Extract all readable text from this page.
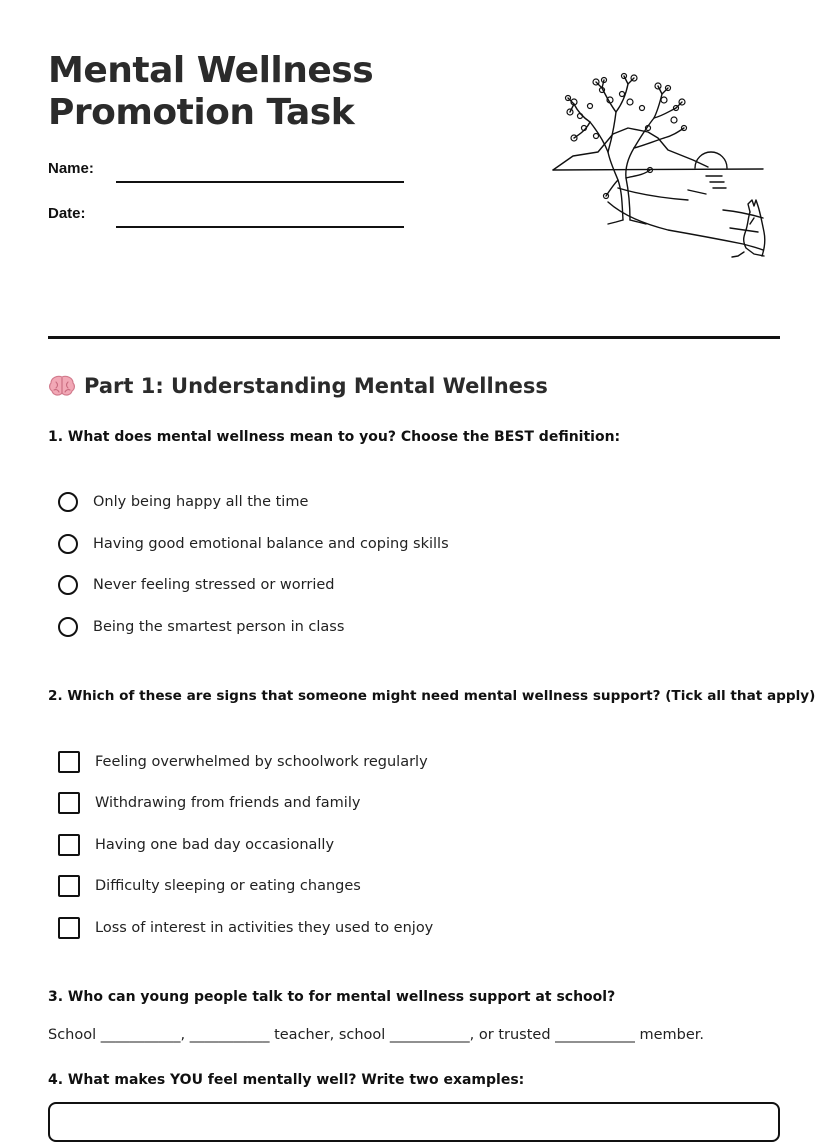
Mental Wellness
Promotion Task
Name:
Date:
Part 1: Understanding Mental Wellness
1. What does mental wellness mean to you? Choose the BEST definition:
Only being happy all the time
Having good emotional balance and coping skills
Never feeling stressed or worried
Being the smartest person in class
2. Which of these are signs that someone might need mental wellness support? (Tick all that apply)
Feeling overwhelmed by schoolwork regularly
Withdrawing from friends and family
Having one bad day occasionally
Difficulty sleeping or eating changes
Loss of interest in activities they used to enjoy
3. Who can young people talk to for mental wellness support at school?
School ___________, ___________ teacher, school ___________, or trusted ___________ member.
4. What makes YOU feel mentally well? Write two examples:
